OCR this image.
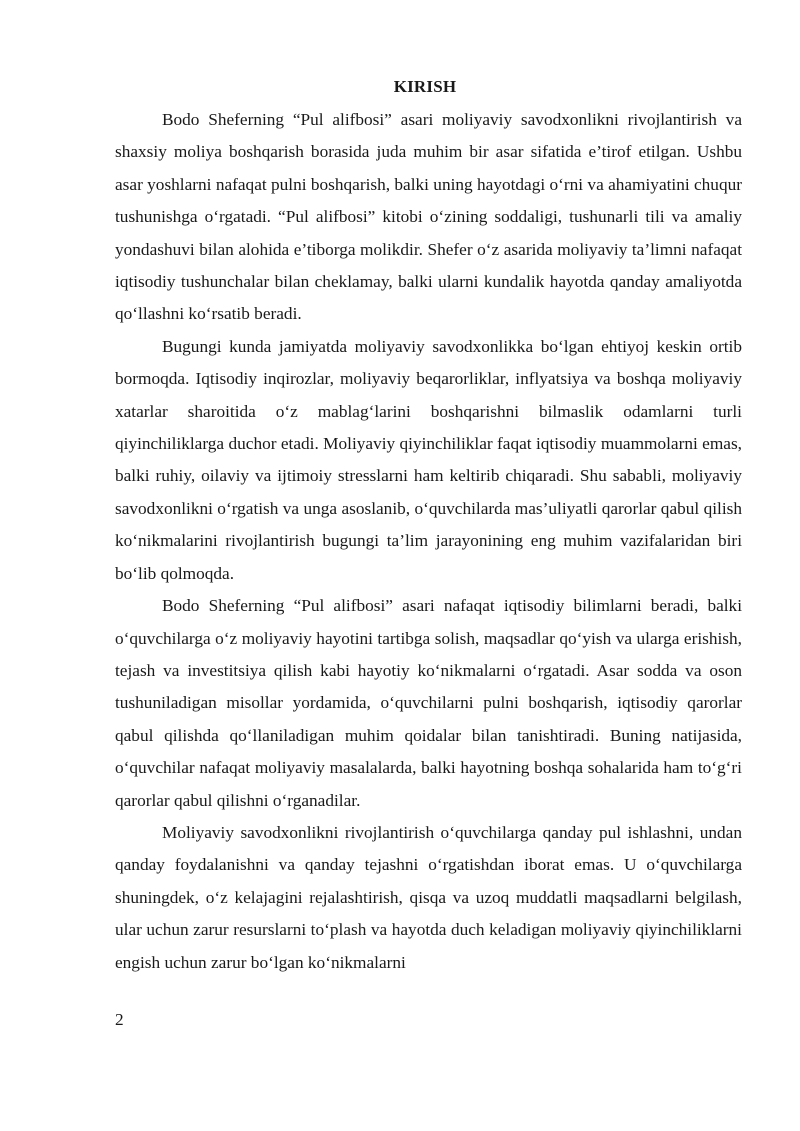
KIRISH

Bodo Sheferning “Pul alifbosi” asari moliyaviy savodxonlikni rivojlantirish va shaxsiy moliya boshqarish borasida juda muhim bir asar sifatida e’tirof etilgan. Ushbu asar yoshlarni nafaqat pulni boshqarish, balki uning hayotdagi o‘rni va ahamiyatini chuqur tushunishga o‘rgatadi. “Pul alifbosi” kitobi o‘zining soddaligi, tushunarli tili va amaliy yondashuvi bilan alohida e’tiborga molikdir. Shefer o‘z asarida moliyaviy ta’limni nafaqat iqtisodiy tushunchalar bilan cheklamay, balki ularni kundalik hayotda qanday amaliyotda qo‘llashni ko‘rsatib beradi.

Bugungi kunda jamiyatda moliyaviy savodxonlikka bo‘lgan ehtiyoj keskin ortib bormoqda. Iqtisodiy inqirozlar, moliyaviy beqarorliklar, inflyatsiya va boshqa moliyaviy xatarlar sharoitida o‘z mablag‘larini boshqarishni bilmaslik odamlarni turli qiyinchiliklarga duchor etadi. Moliyaviy qiyinchiliklar faqat iqtisodiy muammolarni emas, balki ruhiy, oilaviy va ijtimoiy stresslarni ham keltirib chiqaradi. Shu sababli, moliyaviy savodxonlikni o‘rgatish va unga asoslanib, o‘quvchilarda mas’uliyatli qarorlar qabul qilish ko‘nikmalarini rivojlantirish bugungi ta’lim jarayonining eng muhim vazifalaridan biri bo‘lib qolmoqda.

Bodo Sheferning “Pul alifbosi” asari nafaqat iqtisodiy bilimlarni beradi, balki o‘quvchilarga o‘z moliyaviy hayotini tartibga solish, maqsadlar qo‘yish va ularga erishish, tejash va investitsiya qilish kabi hayotiy ko‘nikmalarni o‘rgatadi. Asar sodda va oson tushuniladigan misollar yordamida, o‘quvchilarni pulni boshqarish, iqtisodiy qarorlar qabul qilishda qo‘llaniladigan muhim qoidalar bilan tanishtiradi. Buning natijasida, o‘quvchilar nafaqat moliyaviy masalalarda, balki hayotning boshqa sohalarida ham to‘g‘ri qarorlar qabul qilishni o‘rganadilar.

Moliyaviy savodxonlikni rivojlantirish o‘quvchilarga qanday pul ishlashni, undan qanday foydalanishni va qanday tejashni o‘rgatishdan iborat emas. U o‘quvchilarga shuningdek, o‘z kelajagini rejalashtirish, qisqa va uzoq muddatli maqsadlarni belgilash, ular uchun zarur resurslarni to‘plash va hayotda duch keladigan moliyaviy qiyinchiliklarni engish uchun zarur bo‘lgan ko‘nikmalarni

2
